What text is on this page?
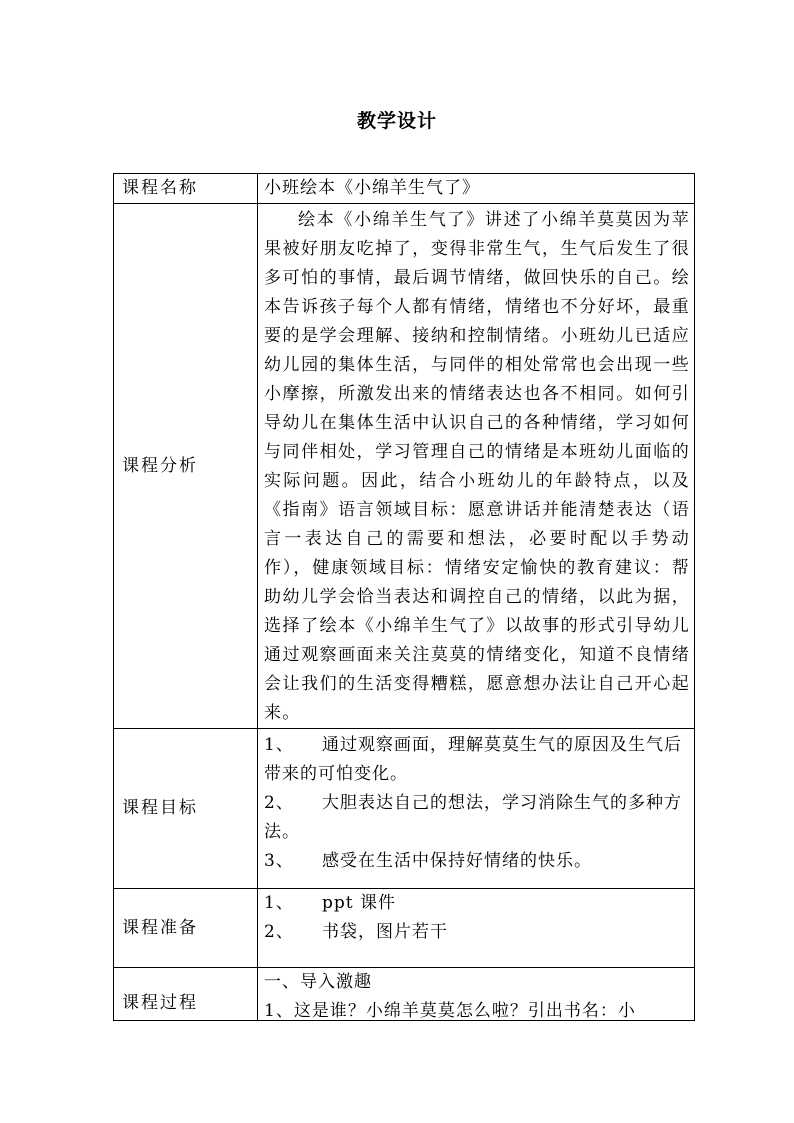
教学设计
课程名称	小班绘本《小绵羊生气了》
课程分析	绘本《小绵羊生气了》讲述了小绵羊莫莫因为苹果被好朋友吃掉了，变得非常生气，生气后发生了很多可怕的事情，最后调节情绪，做回快乐的自己。绘本告诉孩子每个人都有情绪，情绪也不分好坏，最重要的是学会理解、接纳和控制情绪。小班幼儿已适应幼儿园的集体生活，与同伴的相处常常也会出现一些小摩擦，所激发出来的情绪表达也各不相同。如何引导幼儿在集体生活中认识自己的各种情绪，学习如何与同伴相处，学习管理自己的情绪是本班幼儿面临的实际问题。因此，结合小班幼儿的年龄特点，以及《指南》语言领域目标：愿意讲话并能清楚表达（语言一表达自己的需要和想法，必要时配以手势动作），健康领域目标：情绪安定愉快的教育建议：帮助幼儿学会恰当表达和调控自己的情绪，以此为据，选择了绘本《小绵羊生气了》以故事的形式引导幼儿通过观察画面来关注莫莫的情绪变化，知道不良情绪会让我们的生活变得糟糕，愿意想办法让自己开心起来。

课程目标	1、 通过观察画面，理解莫莫生气的原因及生气后带来的可怕变化。
2、 大胆表达自己的想法，学习消除生气的多种方法。
3、 感受在生活中保持好情绪的快乐。

课程准备	1、 ppt 课件
2、 书袋，图片若干

课程过程	一、导入激趣
1、这是谁？小绵羊莫莫怎么啦？引出书名：小
